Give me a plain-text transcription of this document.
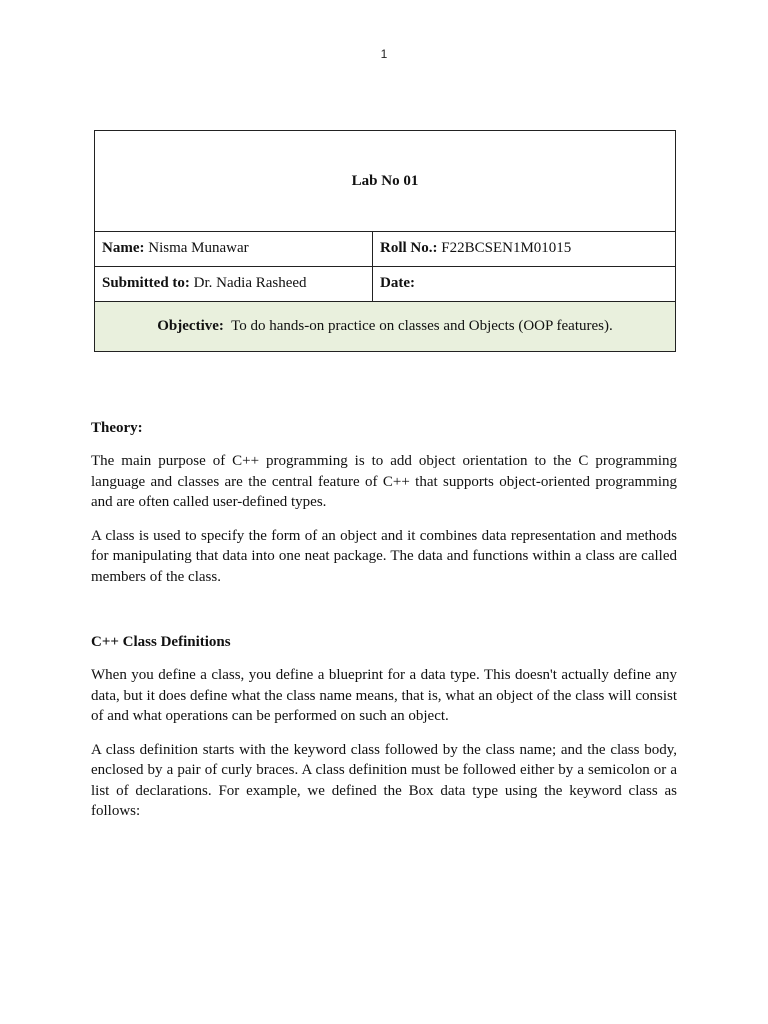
1
Lab No 01	
Name: Nisma Munawar	Roll No.: F22BCSEN1M01015
Submitted to: Dr. Nadia Rasheed	Date:
Objective: To do hands-on practice on classes and Objects (OOP features).	
Theory:

The main purpose of C++ programming is to add object orientation to the C programming language and classes are the central feature of C++ that supports object-oriented programming and are often called user-defined types.

A class is used to specify the form of an object and it combines data representation and methods for manipulating that data into one neat package. The data and functions within a class are called members of the class.

C++ Class Definitions

When you define a class, you define a blueprint for a data type. This doesn't actually define any data, but it does define what the class name means, that is, what an object of the class will consist of and what operations can be performed on such an object.

A class definition starts with the keyword class followed by the class name; and the class body, enclosed by a pair of curly braces. A class definition must be followed either by a semicolon or a list of declarations. For example, we defined the Box data type using the keyword class as follows:
